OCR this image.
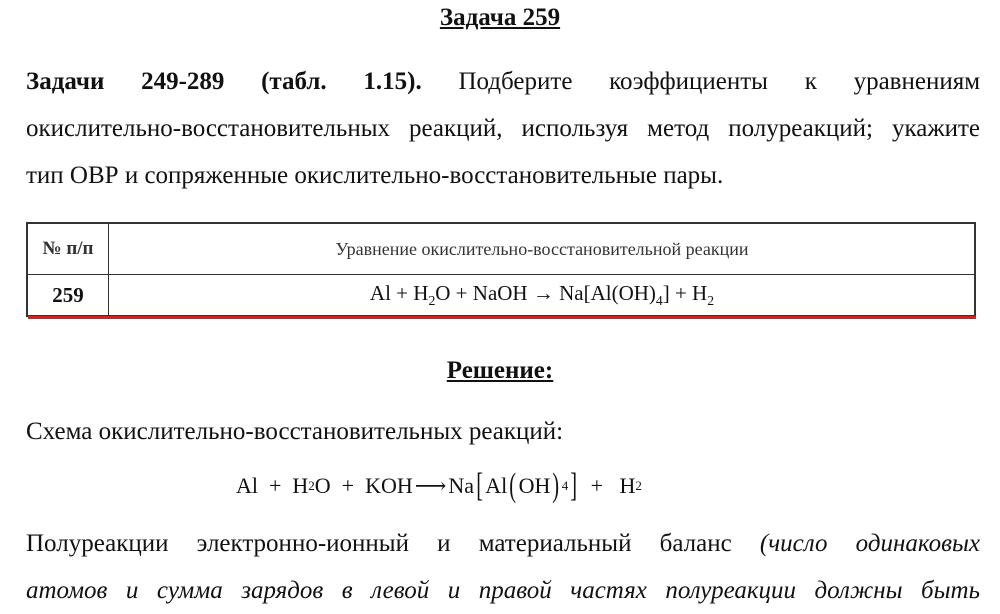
Задача 259
Задачи 249-289 (табл. 1.15). Подберите коэффициенты к уравнениям
окислительно-восстановительных реакций, используя метод полуреакций; укажите
тип ОВР и сопряженные окислительно-восстановительные пары.
№ п/п	Уравнение окислительно-восстановительной реакции
259	$Al + H_2O$ + NaOH → $Na[Al(OH)_4] + H_2$
Решение:
Схема окислительно-восстановительных реакций:
Al  +  H 2 O  +  KOH ⟶ Na [ Al ( OH ) 4 ] +   H 2
Полуреакции электронно-ионный и материальный баланс (число одинаковых
атомов и сумма зарядов в левой и правой частях полуреакции должны быть
